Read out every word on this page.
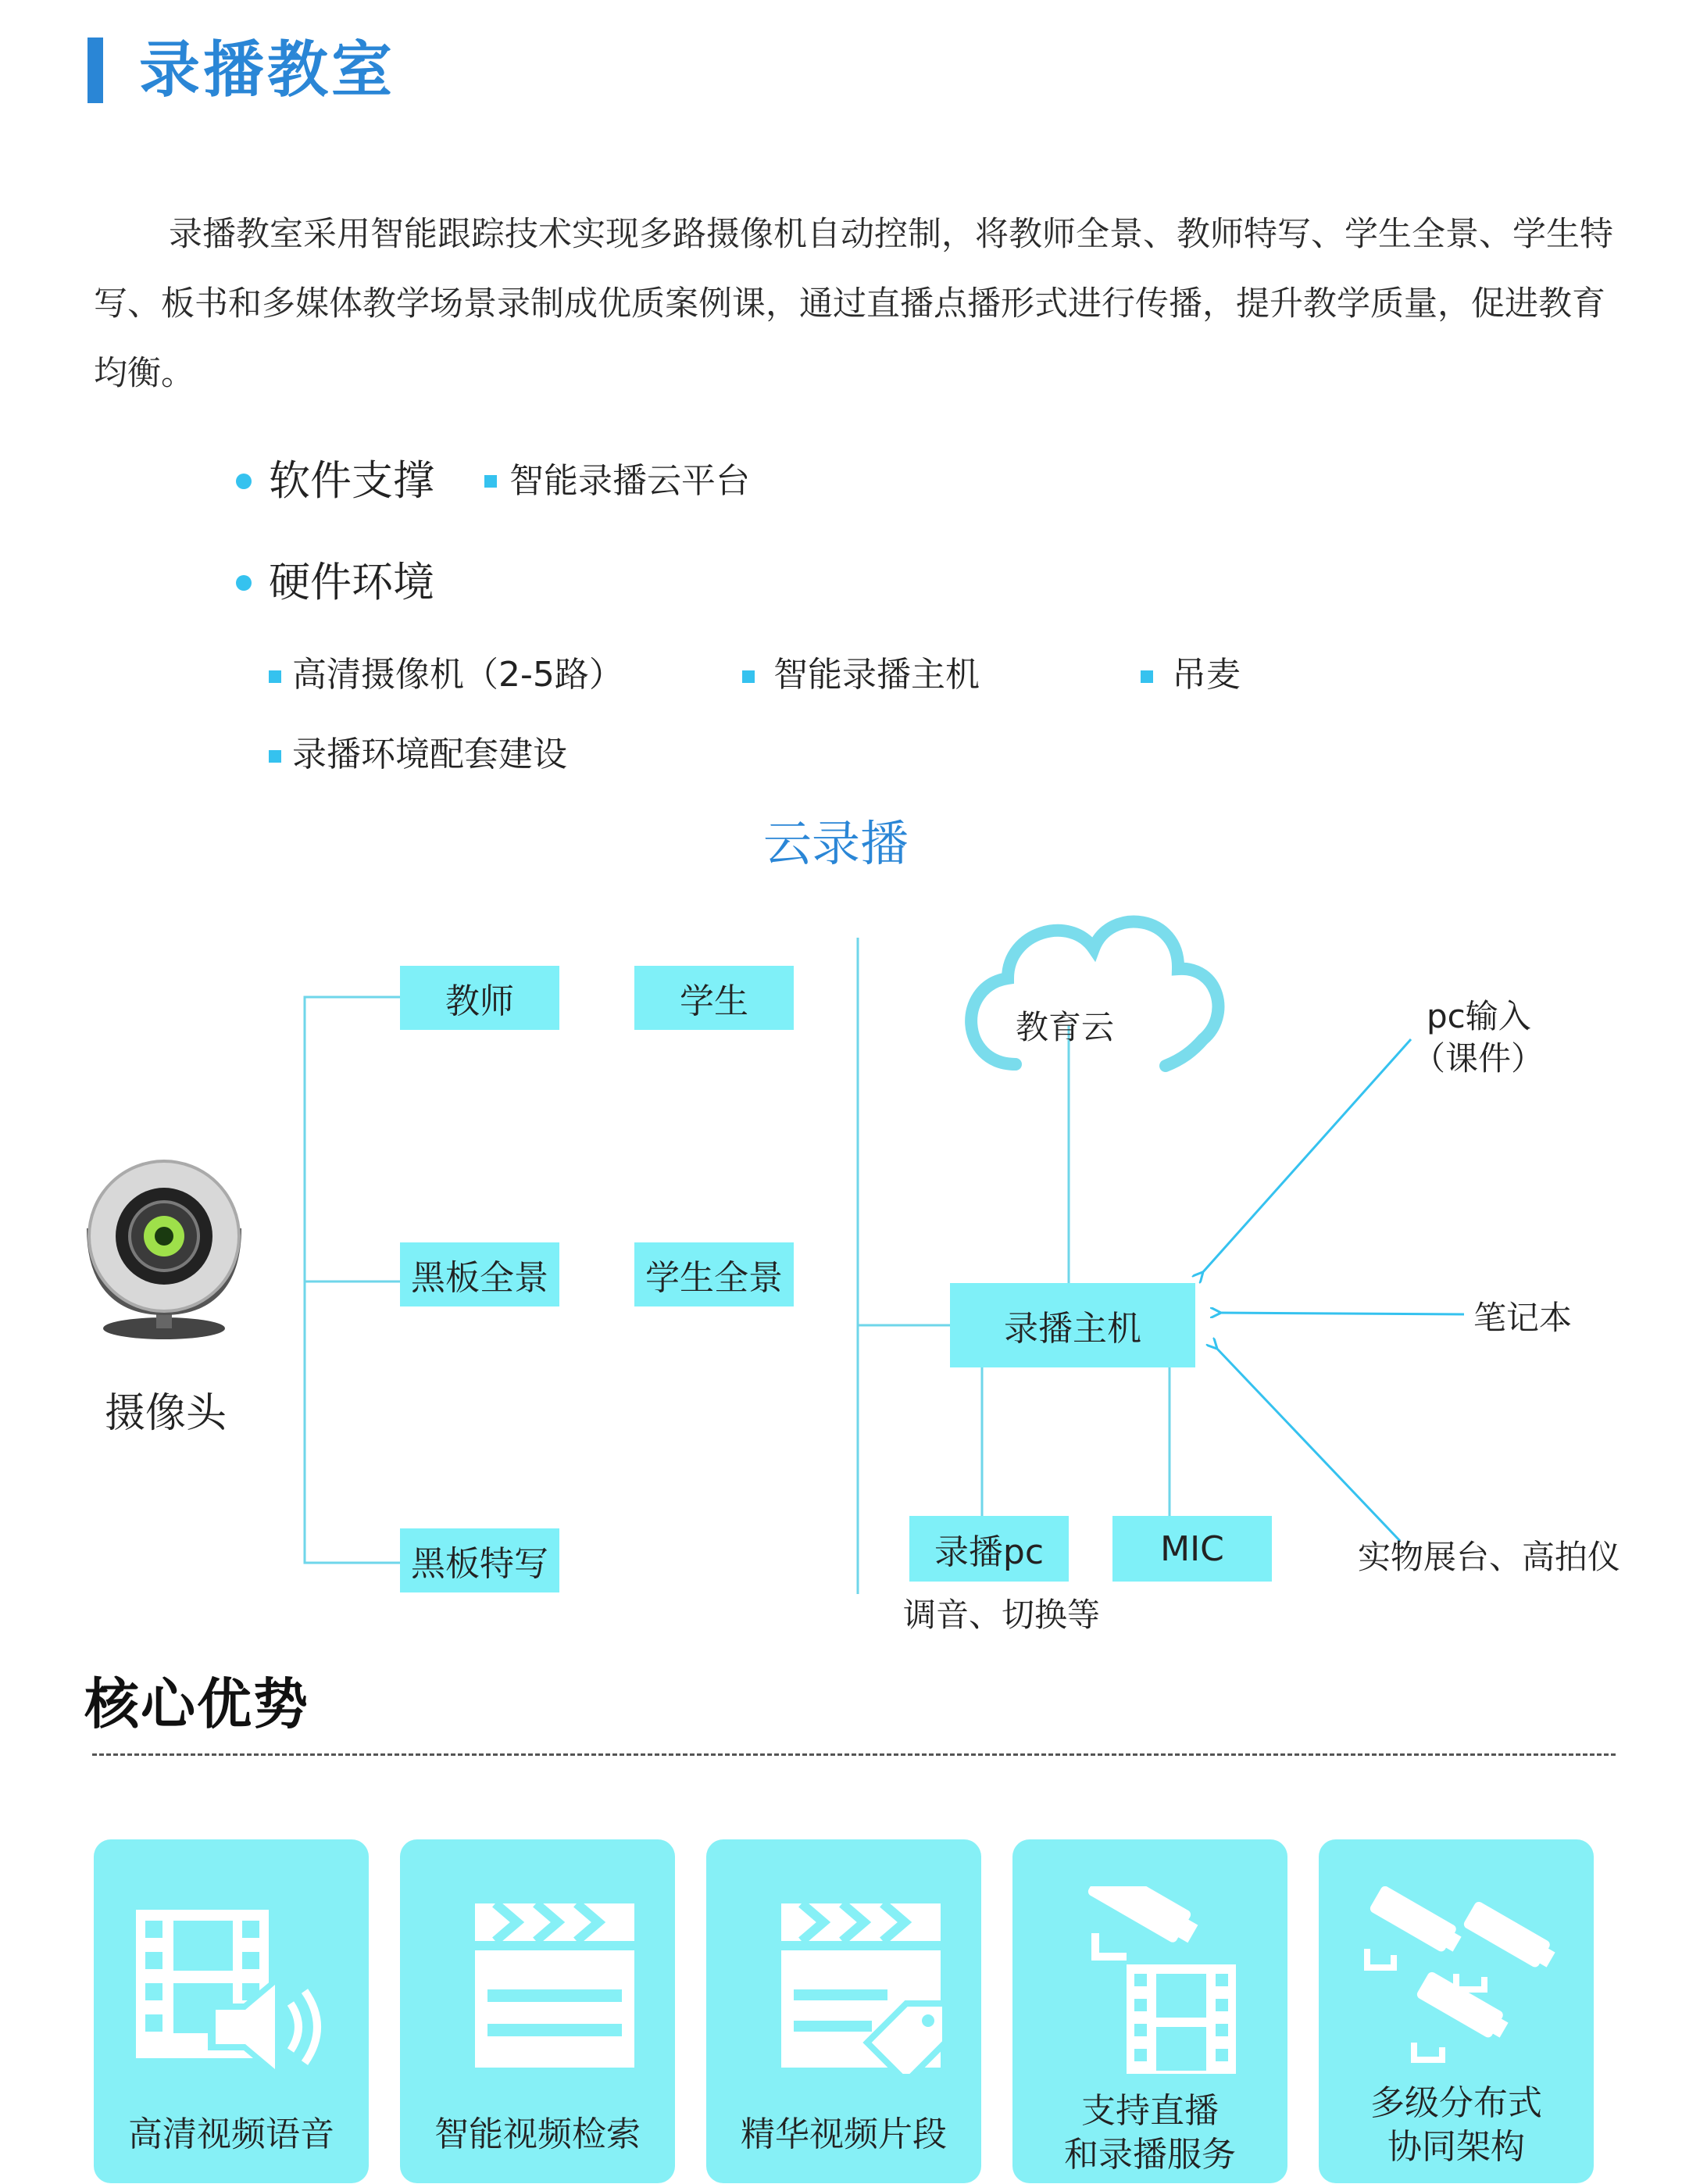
录播教室
录播教室采用智能跟踪技术实现多路摄像机自动控制，将教师全景、教师特写、学生全景、学生特写、板书和多媒体教学场景录制成优质案例课，通过直播点播形式进行传播，提升教学质量，促进教育均衡。
软件支撑 智能录播云平台
硬件环境
高清摄像机（2-5路）	智能录播主机	吊麦
录播环境配套建设
云录播
摄像头
教师	学生
黑板全景	学生全景
黑板特写
教育云
录播主机
pc输入
（课件）
笔记本
实物展台、高拍仪
录播pc	MIC
调音、切换等
核心优势
高清视频语音	智能视频检索	精华视频片段
支持直播
和录播服务
多级分布式
协同架构
